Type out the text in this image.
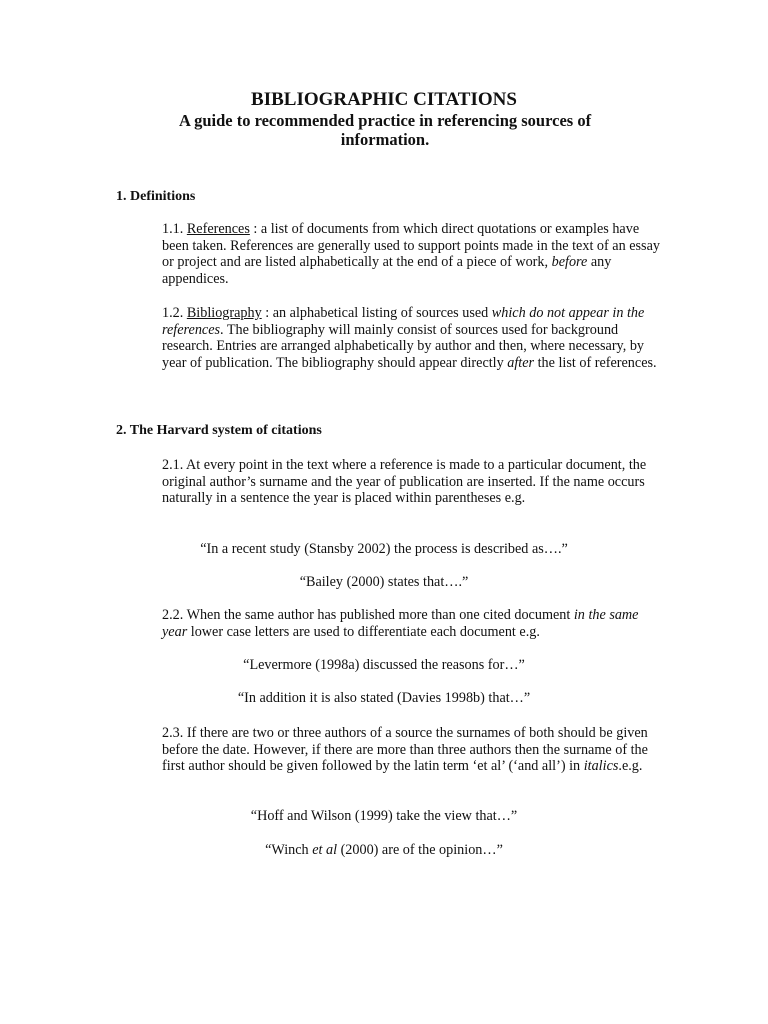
BIBLIOGRAPHIC CITATIONS
A guide to recommended practice in referencing sources of information.
1. Definitions
1.1. References : a list of documents from which direct quotations or examples have been taken. References are generally used to support points made in the text of an essay or project and are listed alphabetically at the end of a piece of work, before any appendices.
1.2. Bibliography : an alphabetical listing of sources used which do not appear in the references. The bibliography will mainly consist of sources used for background research. Entries are arranged alphabetically by author and then, where necessary, by year of publication. The bibliography should appear directly after the list of references.
2. The Harvard system of citations
2.1. At every point in the text where a reference is made to a particular document, the original author’s surname and the year of publication are inserted. If the name occurs naturally in a sentence the year is placed within parentheses e.g.
“In a recent study (Stansby 2002) the process is described as….”
“Bailey (2000) states that….”
2.2. When the same author has published more than one cited document in the same year lower case letters are used to differentiate each document e.g.
“Levermore (1998a) discussed the reasons for…”
“In addition it is also stated (Davies 1998b) that…”
2.3. If there are two or three authors of a source the surnames of both should be given before the date. However, if there are more than three authors then the surname of the first author should be given followed by the latin term ‘et al’ (‘and all’) in italics.e.g.
“Hoff and Wilson (1999) take the view that…”
“Winch et al (2000) are of the opinion…”
